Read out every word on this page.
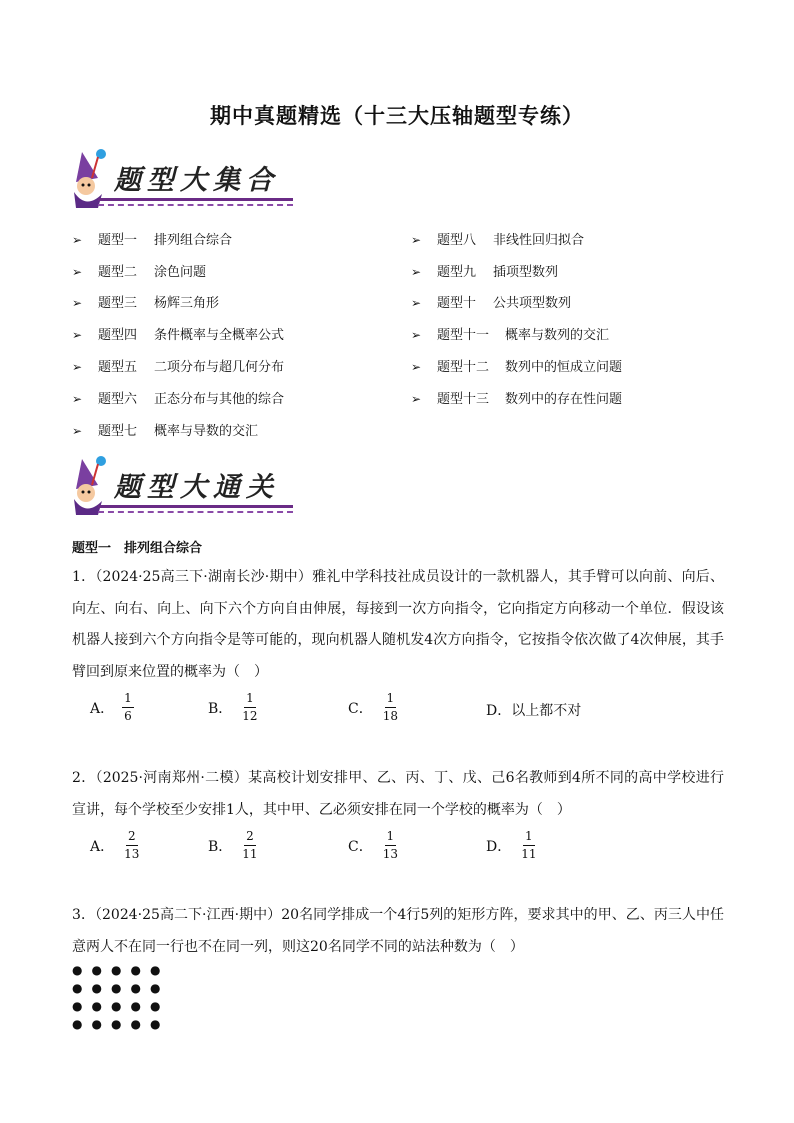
期中真题精选（十三大压轴题型专练）
题型大集合
➢ 题型一 排列组合综合
➢ 题型二 涂色问题
➢ 题型三 杨辉三角形
➢ 题型四 条件概率与全概率公式
➢ 题型五 二项分布与超几何分布
➢ 题型六 正态分布与其他的综合
➢ 题型七 概率与导数的交汇
➢ 题型八 非线性回归拟合
➢ 题型九 插项型数列
➢ 题型十 公共项型数列
➢ 题型十一 概率与数列的交汇
➢ 题型十二 数列中的恒成立问题
➢ 题型十三 数列中的存在性问题
题型大通关
题型一　排列组合综合
1．（2024·25高三下·湖南长沙·期中）雅礼中学科技社成员设计的一款机器人，其手臂可以向前、向后、向左、向右、向上、向下六个方向自由伸展，每接到一次方向指令，它向指定方向移动一个单位．假设该机器人接到六个方向指令是等可能的，现向机器人随机发4次方向指令，它按指令依次做了4次伸展，其手臂回到原来位置的概率为（　）
A． $\frac{1}{6}$	B． $\frac{1}{12}$	C． $\frac{1}{18}$	D． 以上都不对
2．（2025·河南郑州·二模）某高校计划安排甲、乙、丙、丁、戊、己6名教师到4所不同的高中学校进行宣讲，每个学校至少安排1人，其中甲、乙必须安排在同一个学校的概率为（　）
A． $\frac{2}{13}$	B． $\frac{2}{11}$	C． $\frac{1}{13}$	D． $\frac{1}{11}$
3．（2024·25高二下·江西·期中）20名同学排成一个4行5列的矩形方阵，要求其中的甲、乙、丙三人中任意两人不在同一行也不在同一列，则这20名同学不同的站法种数为（　）
● ● ● ● ●
● ● ● ● ●
● ● ● ● ●
● ● ● ● ●
